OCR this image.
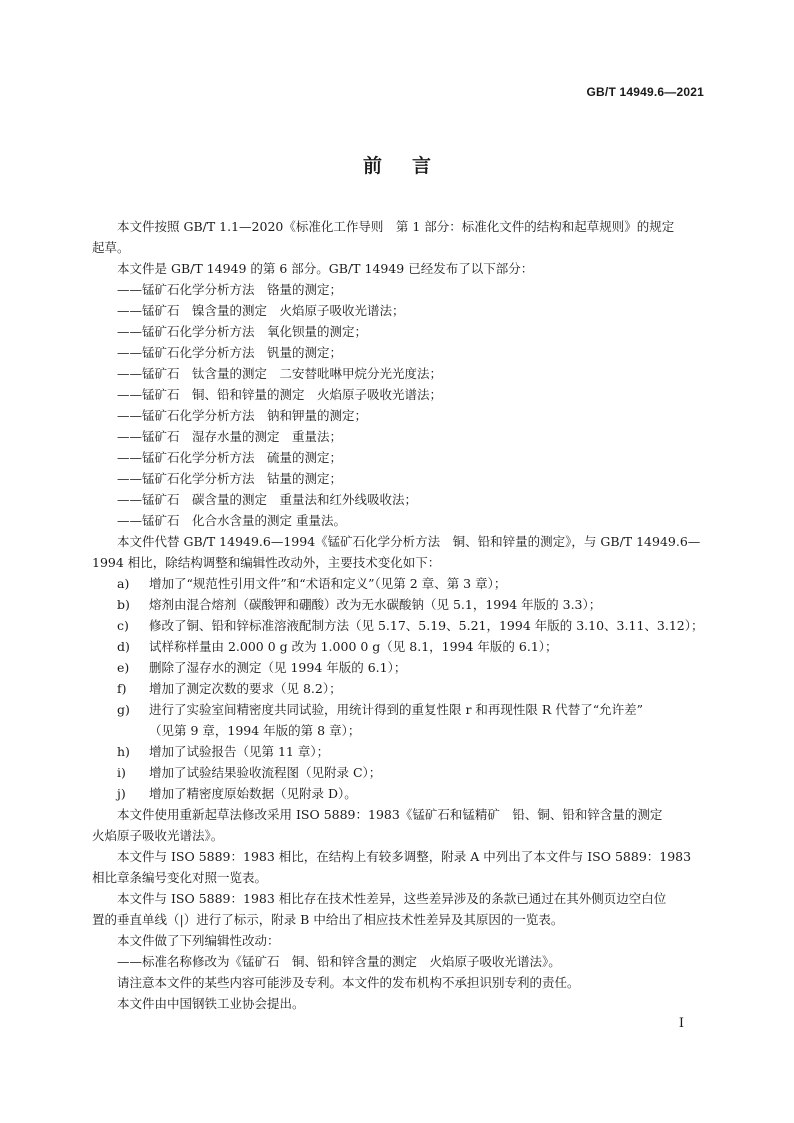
GB/T 14949.6—2021
前言
本文件按照 GB/T 1.1—2020《标准化工作导则　第 1 部分：标准化文件的结构和起草规则》的规定
起草。
本文件是 GB/T 14949 的第 6 部分。GB/T 14949 已经发布了以下部分：
——锰矿石化学分析方法　铬量的测定；
——锰矿石　镍含量的测定　火焰原子吸收光谱法；
——锰矿石化学分析方法　氧化钡量的测定；
——锰矿石化学分析方法　钒量的测定；
——锰矿石　钛含量的测定　二安替吡啉甲烷分光光度法；
——锰矿石　铜、铅和锌量的测定　火焰原子吸收光谱法；
——锰矿石化学分析方法　钠和钾量的测定；
——锰矿石　湿存水量的测定　重量法；
——锰矿石化学分析方法　硫量的测定；
——锰矿石化学分析方法　钴量的测定；
——锰矿石　碳含量的测定　重量法和红外线吸收法；
——锰矿石　化合水含量的测定 重量法。
本文件代替 GB/T 14949.6—1994《锰矿石化学分析方法　铜、铅和锌量的测定》，与 GB/T 14949.6—
1994 相比，除结构调整和编辑性改动外，主要技术变化如下：
a) 增加了“规范性引用文件”和“术语和定义”（见第 2 章、第 3 章）；
b) 熔剂由混合熔剂（碳酸钾和硼酸）改为无水碳酸钠（见 5.1，1994 年版的 3.3）；
c) 修改了铜、铅和锌标准溶液配制方法（见 5.17、5.19、5.21，1994 年版的 3.10、3.11、3.12）；
d) 试样称样量由 2.000 0 g 改为 1.000 0 g（见 8.1，1994 年版的 6.1）；
e) 删除了湿存水的测定（见 1994 年版的 6.1）；
f) 增加了测定次数的要求（见 8.2）；
g) 进行了实验室间精密度共同试验，用统计得到的重复性限 r 和再现性限 R 代替了“允许差”
（见第 9 章，1994 年版的第 8 章）；
h) 增加了试验报告（见第 11 章）；
i) 增加了试验结果验收流程图（见附录 C）；
j) 增加了精密度原始数据（见附录 D）。
本文件使用重新起草法修改采用 ISO 5889：1983《锰矿石和锰精矿　铅、铜、铅和锌含量的测定
火焰原子吸收光谱法》。
本文件与 ISO 5889：1983 相比，在结构上有较多调整，附录 A 中列出了本文件与 ISO 5889：1983
相比章条编号变化对照一览表。
本文件与 ISO 5889：1983 相比存在技术性差异，这些差异涉及的条款已通过在其外侧页边空白位
置的垂直单线（|）进行了标示，附录 B 中给出了相应技术性差异及其原因的一览表。
本文件做了下列编辑性改动：
——标准名称修改为《锰矿石　铜、铅和锌含量的测定　火焰原子吸收光谱法》。
请注意本文件的某些内容可能涉及专利。本文件的发布机构不承担识别专利的责任。
本文件由中国钢铁工业协会提出。
I
